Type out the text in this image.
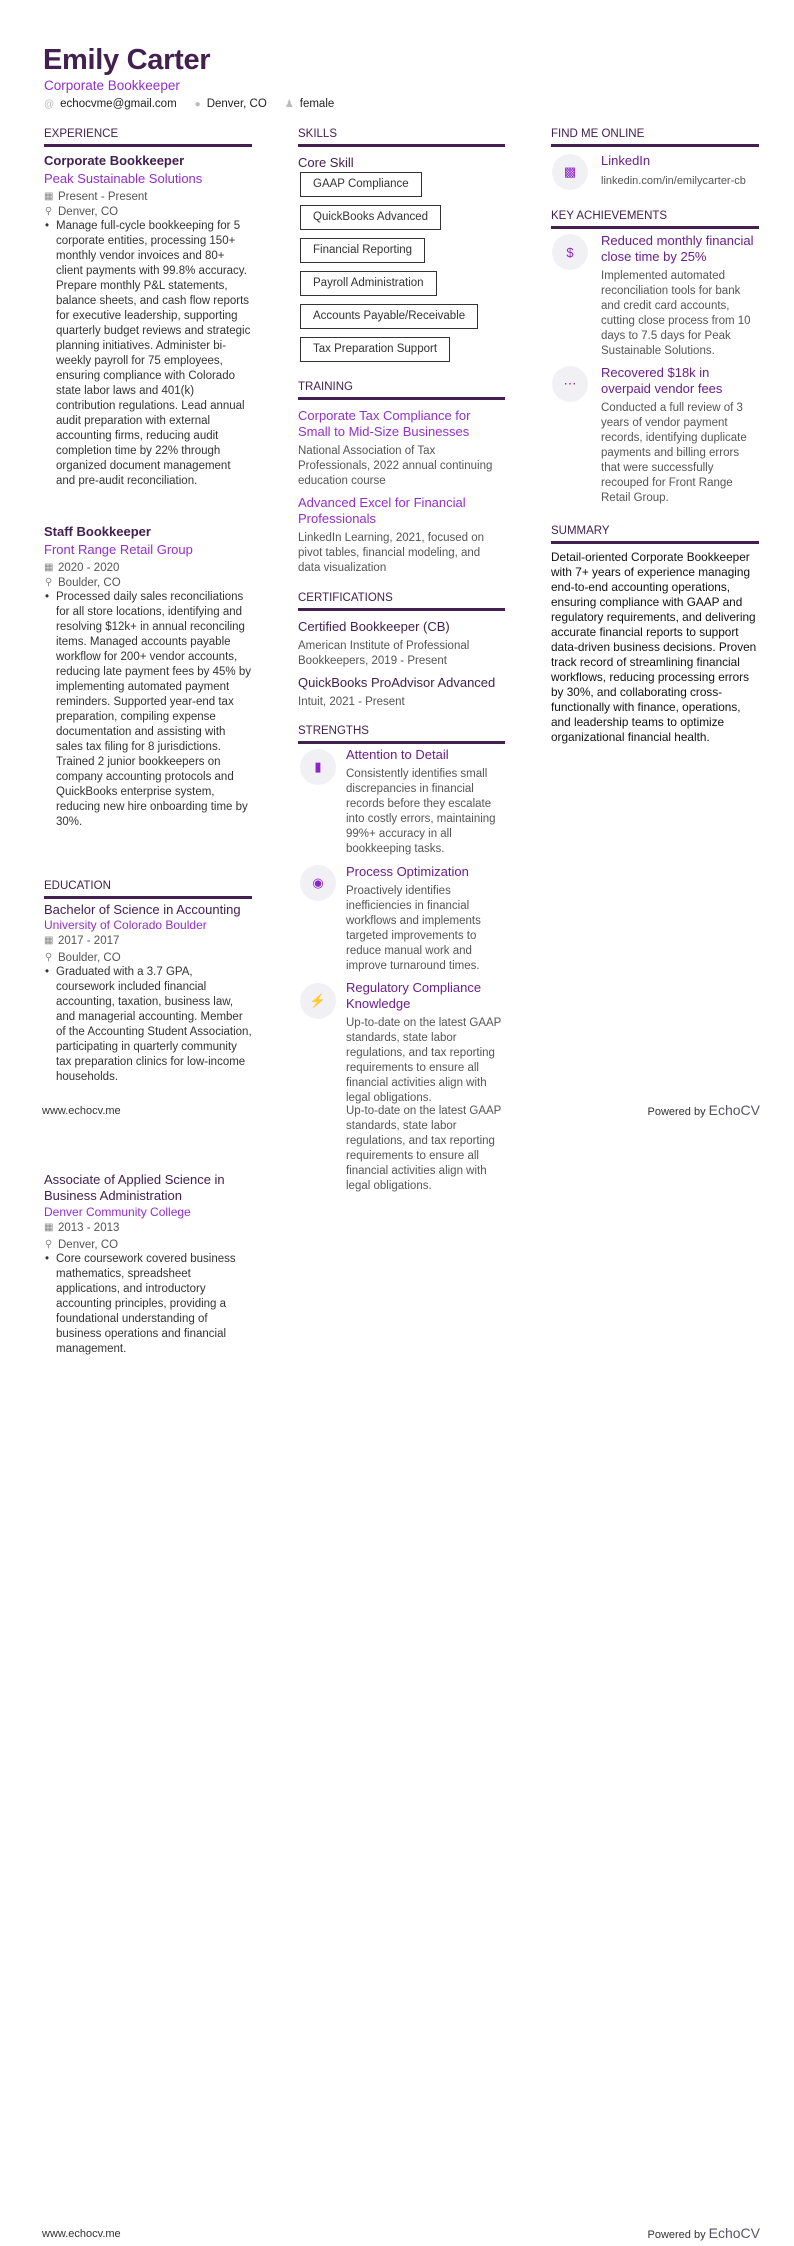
Emily Carter
Corporate Bookkeeper
@ echocvme@gmail.com ● Denver, CO ♟ female
EXPERIENCE
Corporate Bookkeeper
Peak Sustainable Solutions
▦ Present - Present
⚲ Denver, CO
• Manage full-cycle bookkeeping for 5 corporate entities, processing 150+ monthly vendor invoices and 80+ client payments with 99.8% accuracy. Prepare monthly P&L statements, balance sheets, and cash flow reports for executive leadership, supporting quarterly budget reviews and strategic planning initiatives. Administer bi-weekly payroll for 75 employees, ensuring compliance with Colorado state labor laws and 401(k) contribution regulations. Lead annual audit preparation with external accounting firms, reducing audit completion time by 22% through organized document management and pre-audit reconciliation.
Staff Bookkeeper
Front Range Retail Group
▦ 2020 - 2020
⚲ Boulder, CO
• Processed daily sales reconciliations for all store locations, identifying and resolving $12k+ in annual reconciling items. Managed accounts payable workflow for 200+ vendor accounts, reducing late payment fees by 45% by implementing automated payment reminders. Supported year-end tax preparation, compiling expense documentation and assisting with sales tax filing for 8 jurisdictions. Trained 2 junior bookkeepers on company accounting protocols and QuickBooks enterprise system, reducing new hire onboarding time by 30%.
EDUCATION
Bachelor of Science in Accounting
University of Colorado Boulder
▦ 2017 - 2017
⚲ Boulder, CO
• Graduated with a 3.7 GPA, coursework included financial accounting, taxation, business law, and managerial accounting. Member of the Accounting Student Association, participating in quarterly community tax preparation clinics for low-income households.
SKILLS
Core Skill
GAAP Compliance
QuickBooks Advanced
Financial Reporting
Payroll Administration
Accounts Payable/Receivable
Tax Preparation Support
TRAINING
Corporate Tax Compliance for Small to Mid-Size Businesses
National Association of Tax Professionals, 2022 annual continuing education course
Advanced Excel for Financial Professionals
LinkedIn Learning, 2021, focused on pivot tables, financial modeling, and data visualization
CERTIFICATIONS
Certified Bookkeeper (CB)
American Institute of Professional Bookkeepers, 2019 - Present
QuickBooks ProAdvisor Advanced
Intuit, 2021 - Present
STRENGTHS
▮
Attention to Detail
Consistently identifies small discrepancies in financial records before they escalate into costly errors, maintaining 99%+ accuracy in all bookkeeping tasks.
◉
Process Optimization
Proactively identifies inefficiencies in financial workflows and implements targeted improvements to reduce manual work and improve turnaround times.
⚡
Regulatory Compliance Knowledge
Up-to-date on the latest GAAP standards, state labor regulations, and tax reporting requirements to ensure all financial activities align with legal obligations.
FIND ME ONLINE
▩
LinkedIn
linkedin.com/in/emilycarter-cb
KEY ACHIEVEMENTS
$
Reduced monthly financial close time by 25%
Implemented automated reconciliation tools for bank and credit card accounts, cutting close process from 10 days to 7.5 days for Peak Sustainable Solutions.
⋯
Recovered $18k in overpaid vendor fees
Conducted a full review of 3 years of vendor payment records, identifying duplicate payments and billing errors that were successfully recouped for Front Range Retail Group.
SUMMARY
Detail-oriented Corporate Bookkeeper with 7+ years of experience managing end-to-end accounting operations, ensuring compliance with GAAP and regulatory requirements, and delivering accurate financial reports to support data-driven business decisions. Proven track record of streamlining financial workflows, reducing processing errors by 30%, and collaborating cross-functionally with finance, operations, and leadership teams to optimize organizational financial health.
www.echocv.me	Powered by EchoCV
Up-to-date on the latest GAAP standards, state labor regulations, and tax reporting requirements to ensure all financial activities align with legal obligations.
Associate of Applied Science in Business Administration
Denver Community College
▦ 2013 - 2013
⚲ Denver, CO
• Core coursework covered business mathematics, spreadsheet applications, and introductory accounting principles, providing a foundational understanding of business operations and financial management.
www.echocv.me	Powered by EchoCV
